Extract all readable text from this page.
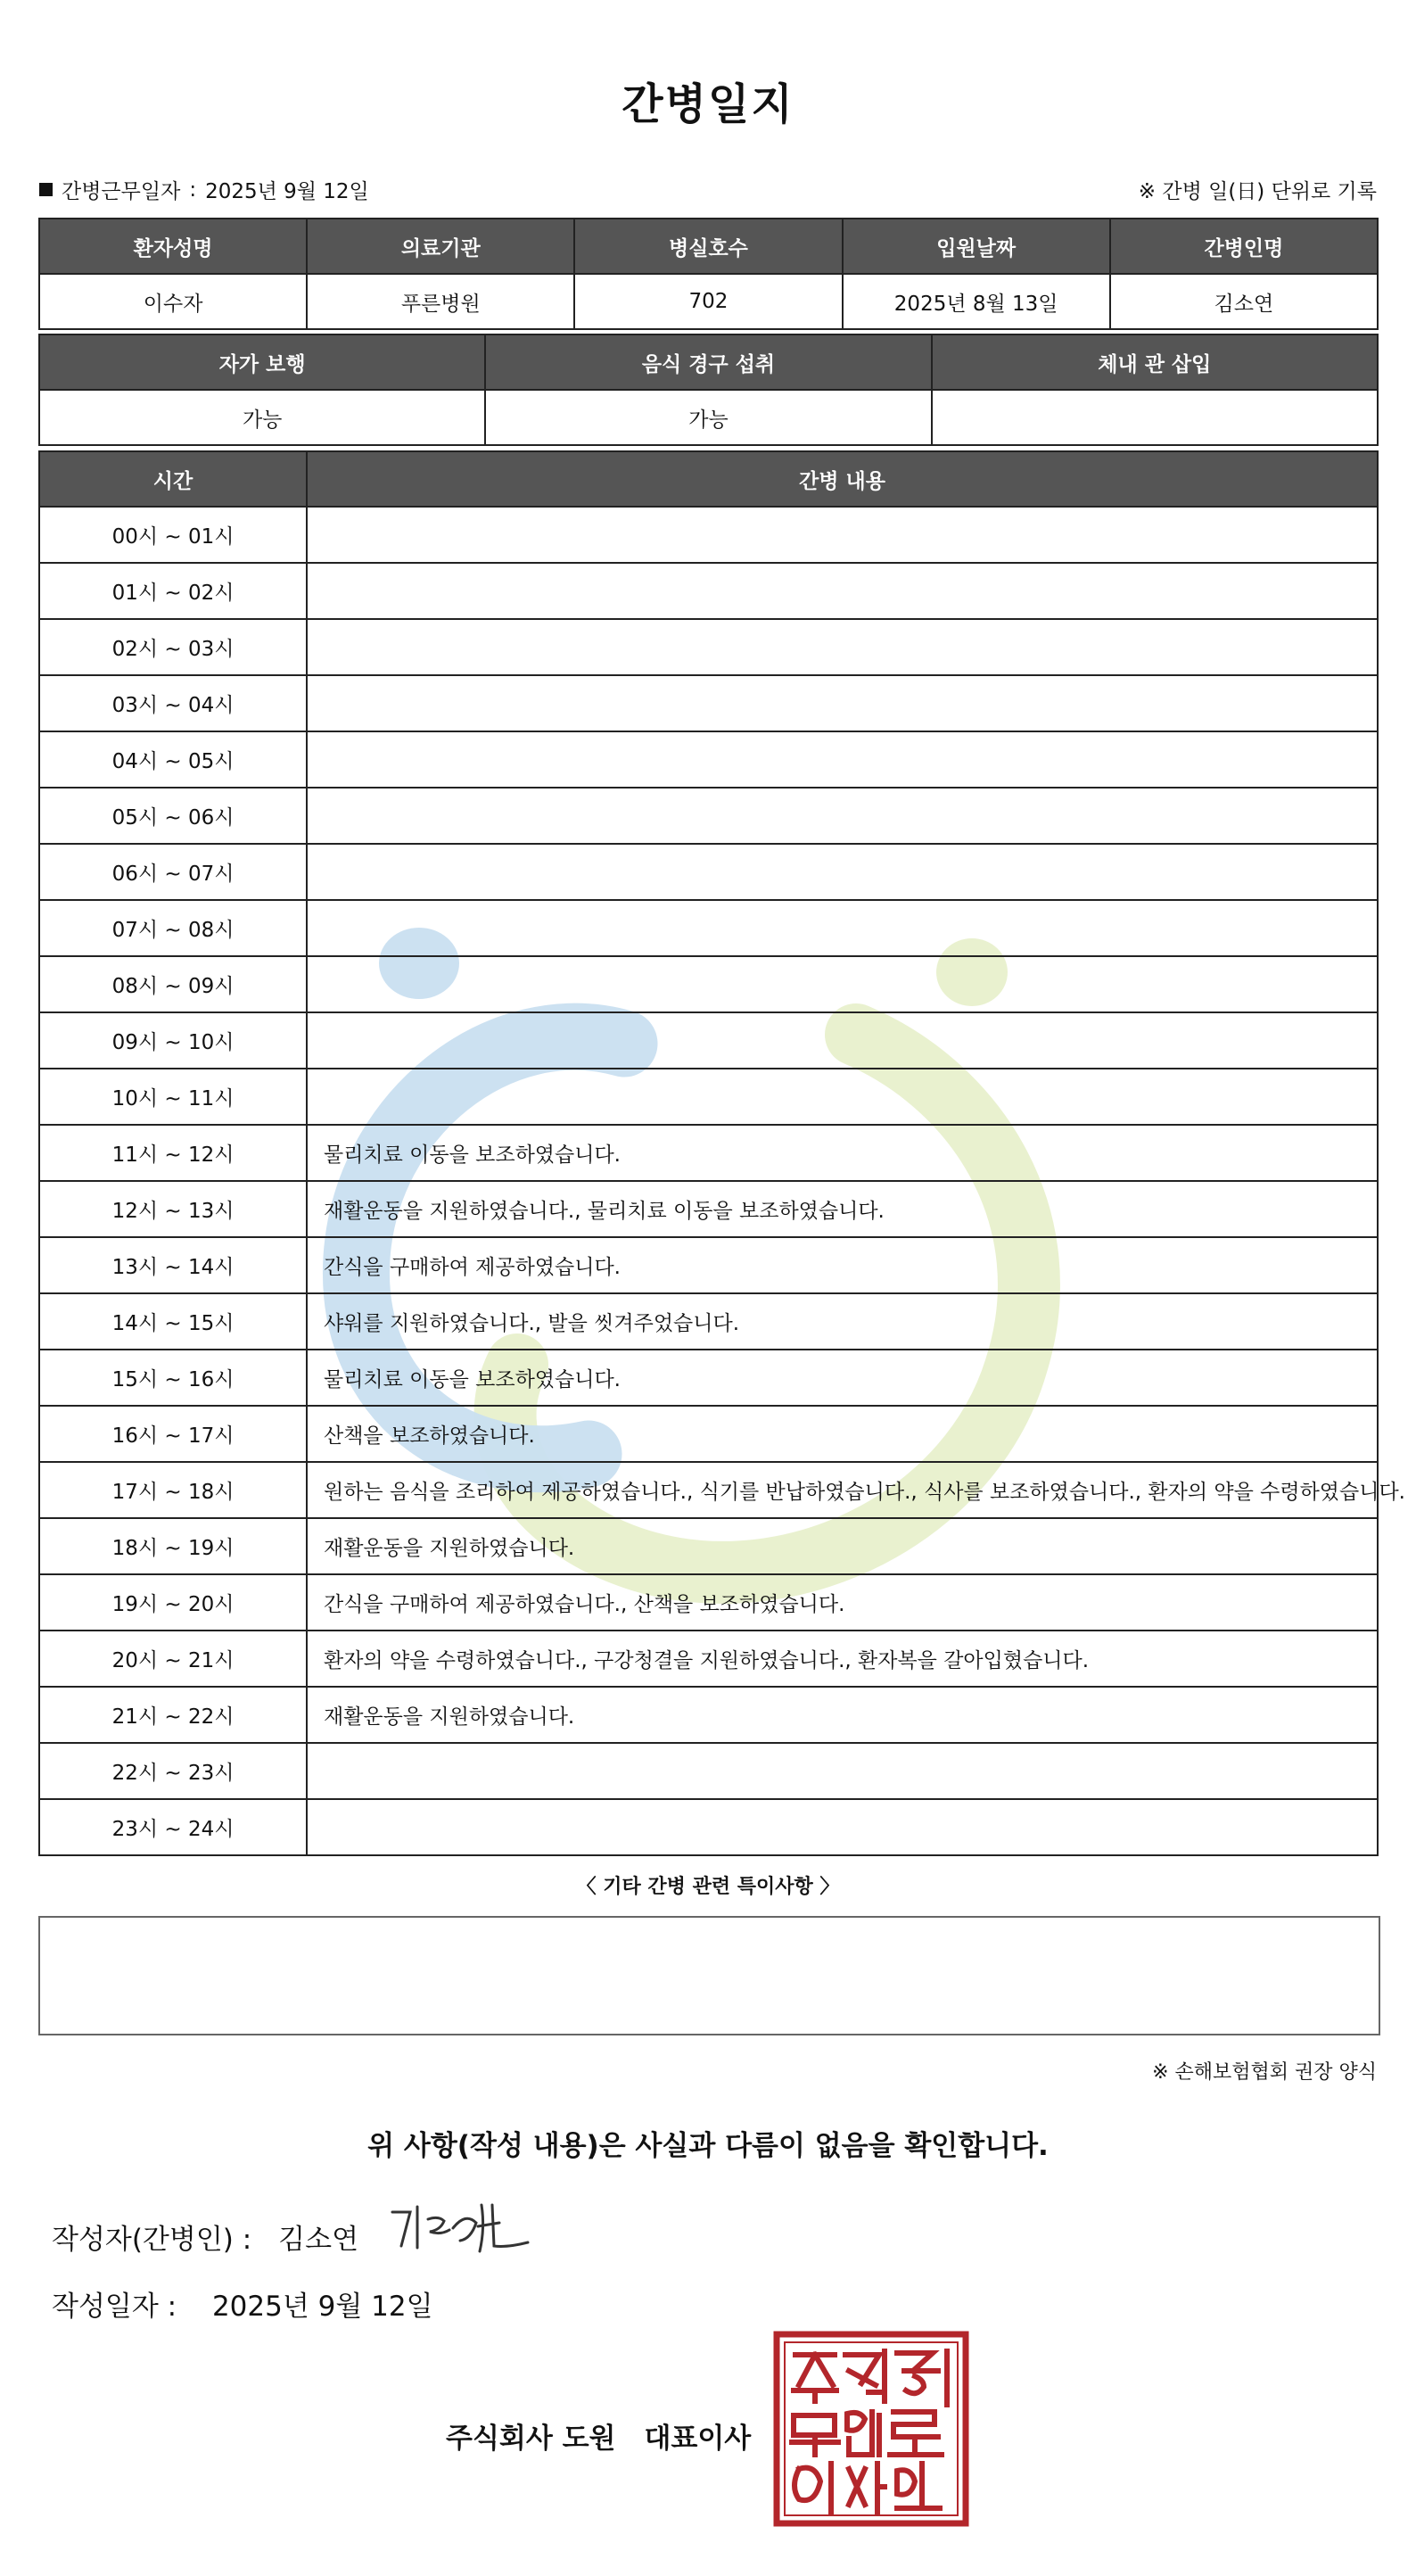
간병일지
간병근무일자 : 2025년 9월 12일	※ 간병 일(日) 단위로 기록
환자성명	의료기관	병실호수	입원날짜	간병인명
이수자	푸른병원	702	2025년 8월 13일	김소연
자가 보행	음식 경구 섭취	체내 관 삽입
가능	가능	
시간	간병 내용
00시 ~ 01시	
01시 ~ 02시	
02시 ~ 03시	
03시 ~ 04시	
04시 ~ 05시	
05시 ~ 06시	
06시 ~ 07시	
07시 ~ 08시	
08시 ~ 09시	
09시 ~ 10시	
10시 ~ 11시	
11시 ~ 12시	물리치료 이동을 보조하였습니다.
12시 ~ 13시	재활운동을 지원하였습니다., 물리치료 이동을 보조하였습니다.
13시 ~ 14시	간식을 구매하여 제공하였습니다.
14시 ~ 15시	샤워를 지원하였습니다., 발을 씻겨주었습니다.
15시 ~ 16시	물리치료 이동을 보조하였습니다.
16시 ~ 17시	산책을 보조하였습니다.
17시 ~ 18시	원하는 음식을 조리하여 제공하였습니다., 식기를 반납하였습니다., 식사를 보조하였습니다., 환자의 약을 수령하였습니다.
18시 ~ 19시	재활운동을 지원하였습니다.
19시 ~ 20시	간식을 구매하여 제공하였습니다., 산책을 보조하였습니다.
20시 ~ 21시	환자의 약을 수령하였습니다., 구강청결을 지원하였습니다., 환자복을 갈아입혔습니다.
21시 ~ 22시	재활운동을 지원하였습니다.
22시 ~ 23시	
23시 ~ 24시	
〈 기타 간병 관련 특이사항 〉
※ 손해보험협회 권장 양식
위 사항(작성 내용)은 사실과 다름이 없음을 확인합니다.
작성자(간병인) : 김소연
작성일자 : 2025년 9월 12일
주식회사 도원 대표이사
